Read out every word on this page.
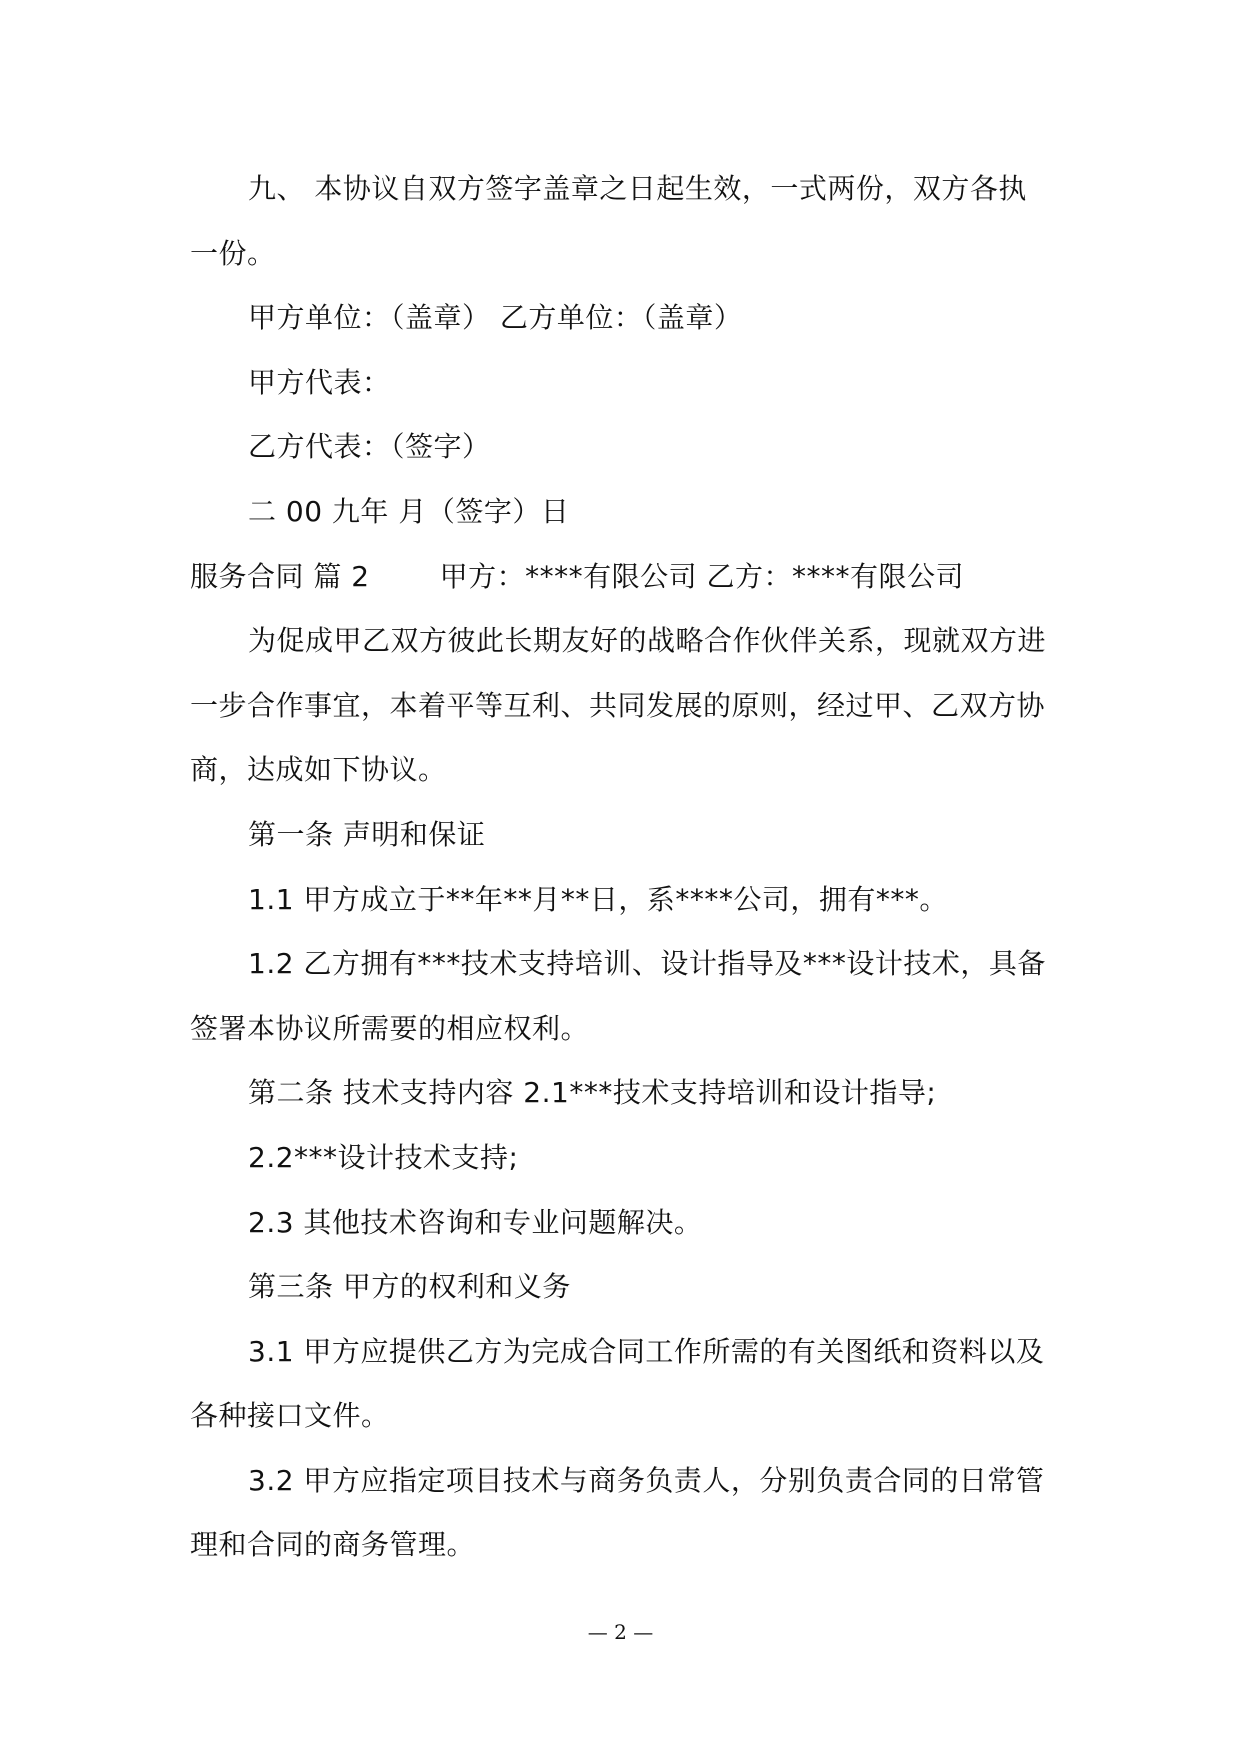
九、 本协议自双方签字盖章之日起生效，一式两份，双方各执
一份。
甲方单位：（盖章） 乙方单位：（盖章）
甲方代表：
乙方代表：（签字）
二 00 九年 月（签字）日
服务合同 篇 2	甲方：****有限公司 乙方：****有限公司
为促成甲乙双方彼此长期友好的战略合作伙伴关系，现就双方进
一步合作事宜，本着平等互利、共同发展的原则，经过甲、乙双方协
商，达成如下协议。
第一条 声明和保证
1.1 甲方成立于**年**月**日，系****公司，拥有***。
1.2 乙方拥有***技术支持培训、设计指导及***设计技术，具备
签署本协议所需要的相应权利。
第二条 技术支持内容 2.1***技术支持培训和设计指导;
2.2***设计技术支持;
2.3 其他技术咨询和专业问题解决。
第三条 甲方的权利和义务
3.1 甲方应提供乙方为完成合同工作所需的有关图纸和资料以及
各种接口文件。
3.2 甲方应指定项目技术与商务负责人，分别负责合同的日常管
理和合同的商务管理。
— 2 —
